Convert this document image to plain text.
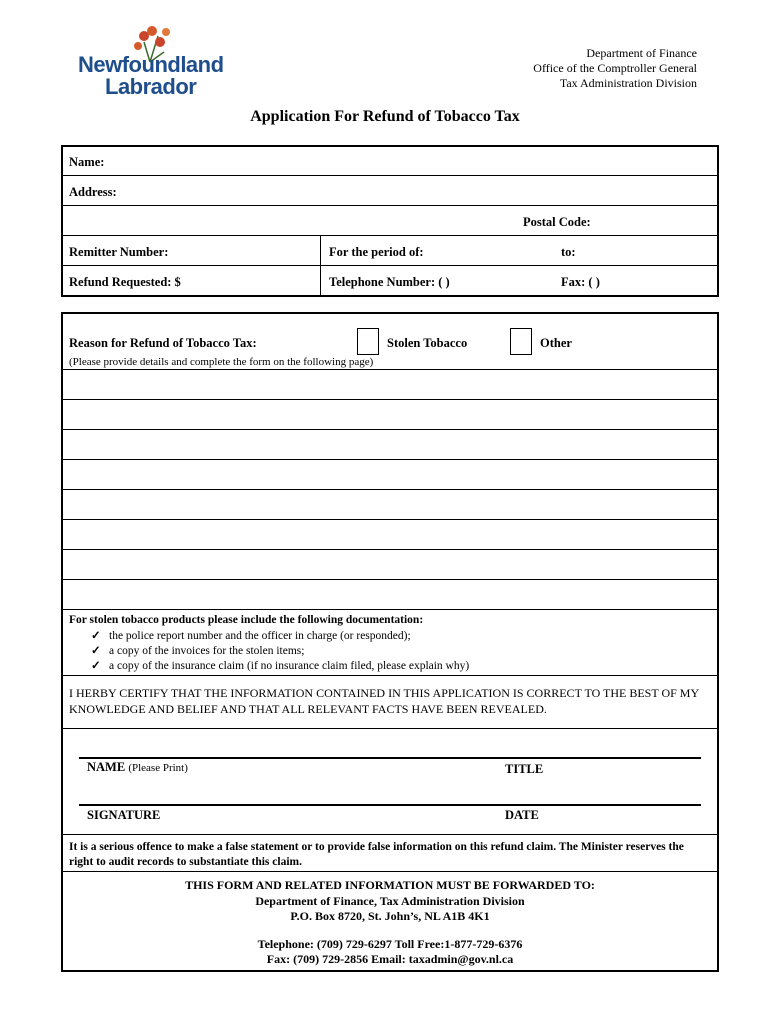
Newfoundland
Labrador
Department of Finance
Office of the Comptroller General
Tax Administration Division
Application For Refund of Tobacco Tax
Name:
Address:
Postal Code:
Remitter Number:	For the period of:	to:
Refund Requested: $	Telephone Number: ( )	Fax: ( )
Reason for Refund of Tobacco Tax:	Stolen Tobacco	Other
(Please provide details and complete the form on the following page)
For stolen tobacco products please include the following documentation:
✓ the police report number and the officer in charge (or responded);
✓ a copy of the invoices for the stolen items;
✓ a copy of the insurance claim (if no insurance claim filed, please explain why)
I HERBY CERTIFY THAT THE INFORMATION CONTAINED IN THIS APPLICATION IS CORRECT TO THE BEST OF MY KNOWLEDGE AND BELIEF AND THAT ALL RELEVANT FACTS HAVE BEEN REVEALED.
NAME (Please Print)	TITLE
SIGNATURE	DATE
It is a serious offence to make a false statement or to provide false information on this refund claim. The Minister reserves the right to audit records to substantiate this claim.
THIS FORM AND RELATED INFORMATION MUST BE FORWARDED TO:
Department of Finance, Tax Administration Division
P.O. Box 8720, St. John’s, NL A1B 4K1
Telephone: (709) 729-6297 Toll Free:1-877-729-6376
Fax: (709) 729-2856 Email: taxadmin@gov.nl.ca
